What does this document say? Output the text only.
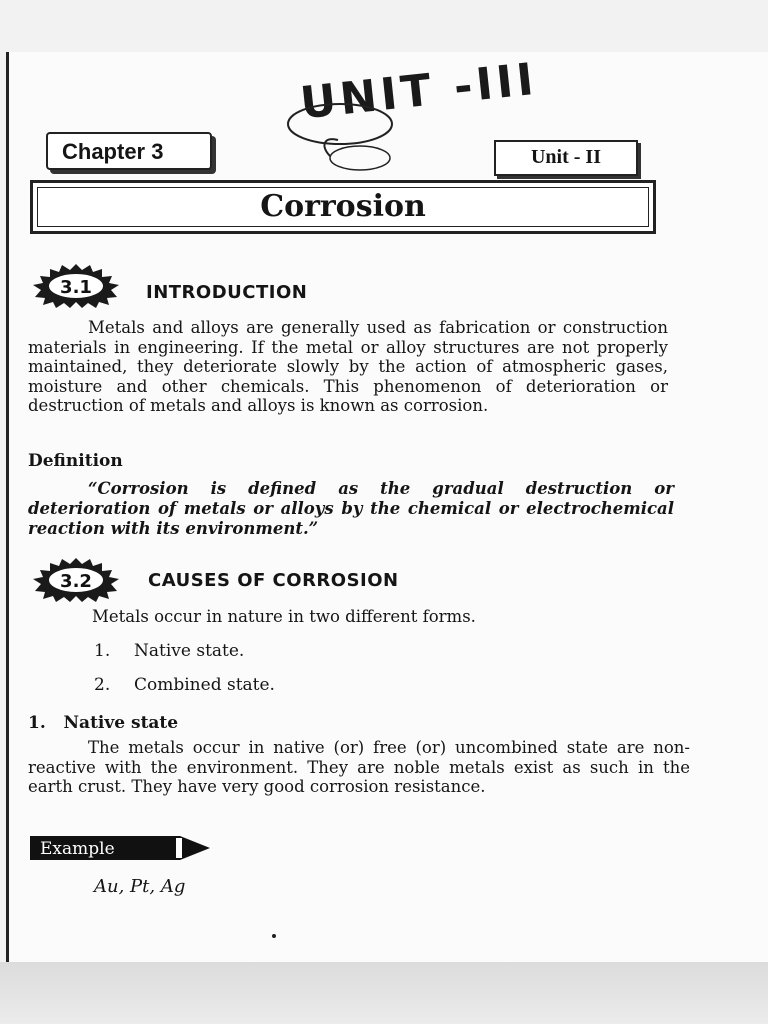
UNIT -III
Chapter 3	Unit - II
Corrosion
3.1	INTRODUCTION
Metals and alloys are generally used as fabrication or construction materials in engineering. If the metal or alloy structures are not properly maintained, they deteriorate slowly by the action of atmospheric gases, moisture and other chemicals. This phenomenon of deterioration or destruction of metals and alloys is known as corrosion.
Definition
“Corrosion is defined as the gradual destruction or deterioration of metals or alloys by the chemical or electrochemical reaction with its environment.”
3.2	CAUSES OF CORROSION
Metals occur in nature in two different forms.
1. Native state.
2. Combined state.
1. Native state
The metals occur in native (or) free (or) uncombined state are non-reactive with the environment. They are noble metals exist as such in the earth crust. They have very good corrosion resistance.
Example
Au, Pt, Ag
